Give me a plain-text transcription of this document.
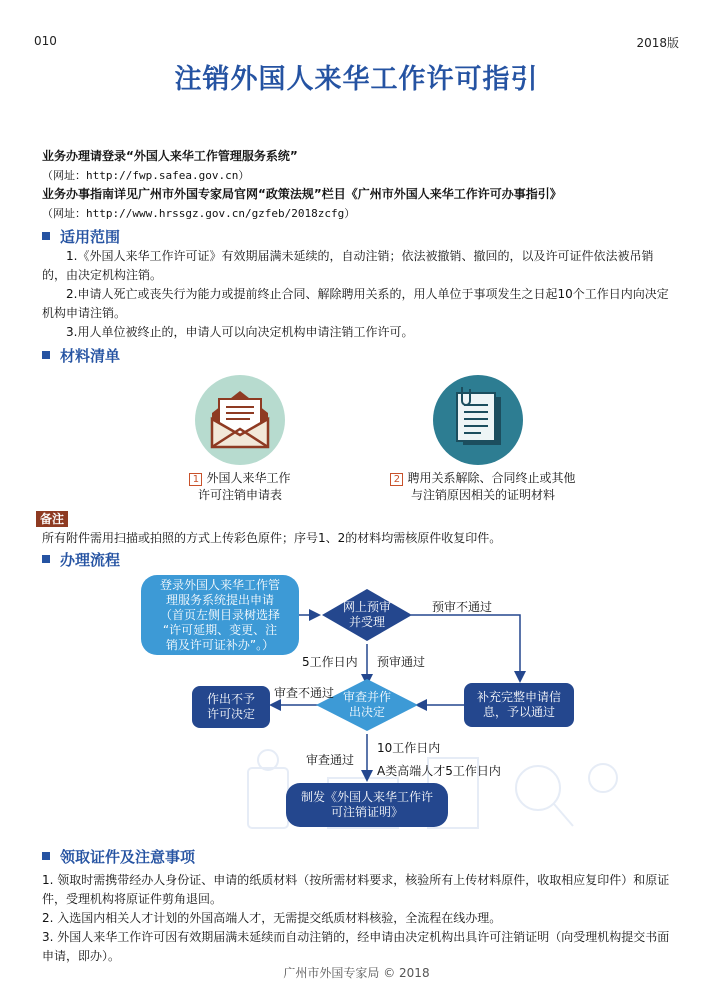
010	2018版
注销外国人来华工作许可指引
业务办理请登录“外国人来华工作管理服务系统”
（网址：http://fwp.safea.gov.cn）
业务办事指南详见广州市外国专家局官网“政策法规”栏目《广州市外国人来华工作许可办事指引》
（网址：http://www.hrssgz.gov.cn/gzfeb/2018zcfg）
适用范围

1.《外国人来华工作许可证》有效期届满未延续的，自动注销；依法被撤销、撤回的，以及许可证件依法被吊销的，由决定机构注销。

2.申请人死亡或丧失行为能力或提前终止合同、解除聘用关系的，用人单位于事项发生之日起10个工作日内向决定机构申请注销。

3.用人单位被终止的，申请人可以向决定机构申请注销工作许可。

材料清单
1 外国人来华工作
许可注销申请表
2 聘用关系解除、合同终止或其他
与注销原因相关的证明材料
备注
所有附件需用扫描或拍照的方式上传彩色原件；序号1、2的材料均需核原件收复印件。
办理流程
登录外国人来华工作管
理服务系统提出申请
（首页左侧目录树选择
“许可延期、变更、注
销及许可证补办”。）
网上预审
并受理
预审不通过
5工作日内 预审通过
审查并作
出决定
审查不通过
作出不予
许可决定
补充完整申请信
息，予以通过
10工作日内
审查通过
A类高端人才5工作日内
制发《外国人来华工作许
可注销证明》
领取证件及注意事项
1. 领取时需携带经办人身份证、申请的纸质材料（按所需材料要求，核验所有上传材料原件，收取相应复印件）和原证件，受理机构将原证件剪角退回。
2. 入选国内相关人才计划的外国高端人才，无需提交纸质材料核验，全流程在线办理。
3. 外国人来华工作许可因有效期届满未延续而自动注销的，经申请由决定机构出具许可注销证明（向受理机构提交书面申请，即办）。
广州市外国专家局 © 2018
